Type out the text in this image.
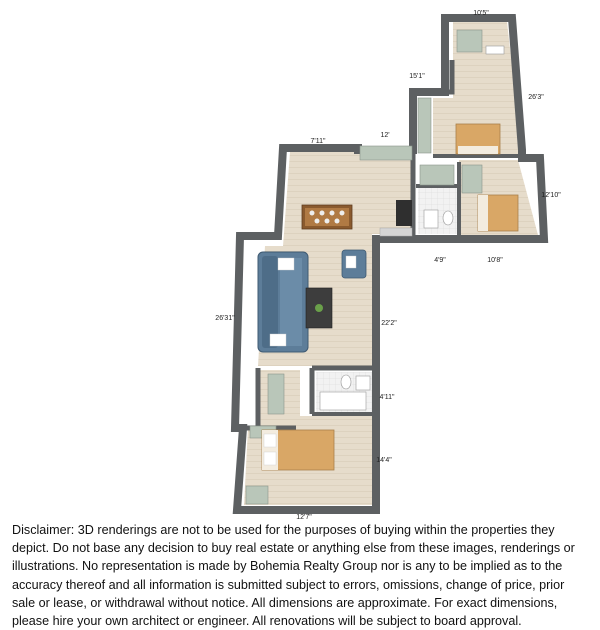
10'5"
15'1"
26'3"
7'11"
12'
12'10"
4'9"	10'8"
26'31"
22'2"
4'11"
14'4"
12'7"

Disclaimer: 3D renderings are not to be used for the purposes of buying within the properties they depict. Do not base any decision to buy real estate or anything else from these images, renderings or illustrations. No representation is made by Bohemia Realty Group nor is any to be implied as to the accuracy thereof and all information is submitted subject to errors, omissions, change of price, prior sale or lease, or withdrawal without notice. All dimensions are approximate. For exact dimensions, please hire your own architect or engineer. All renovations will be subject to board approval.
